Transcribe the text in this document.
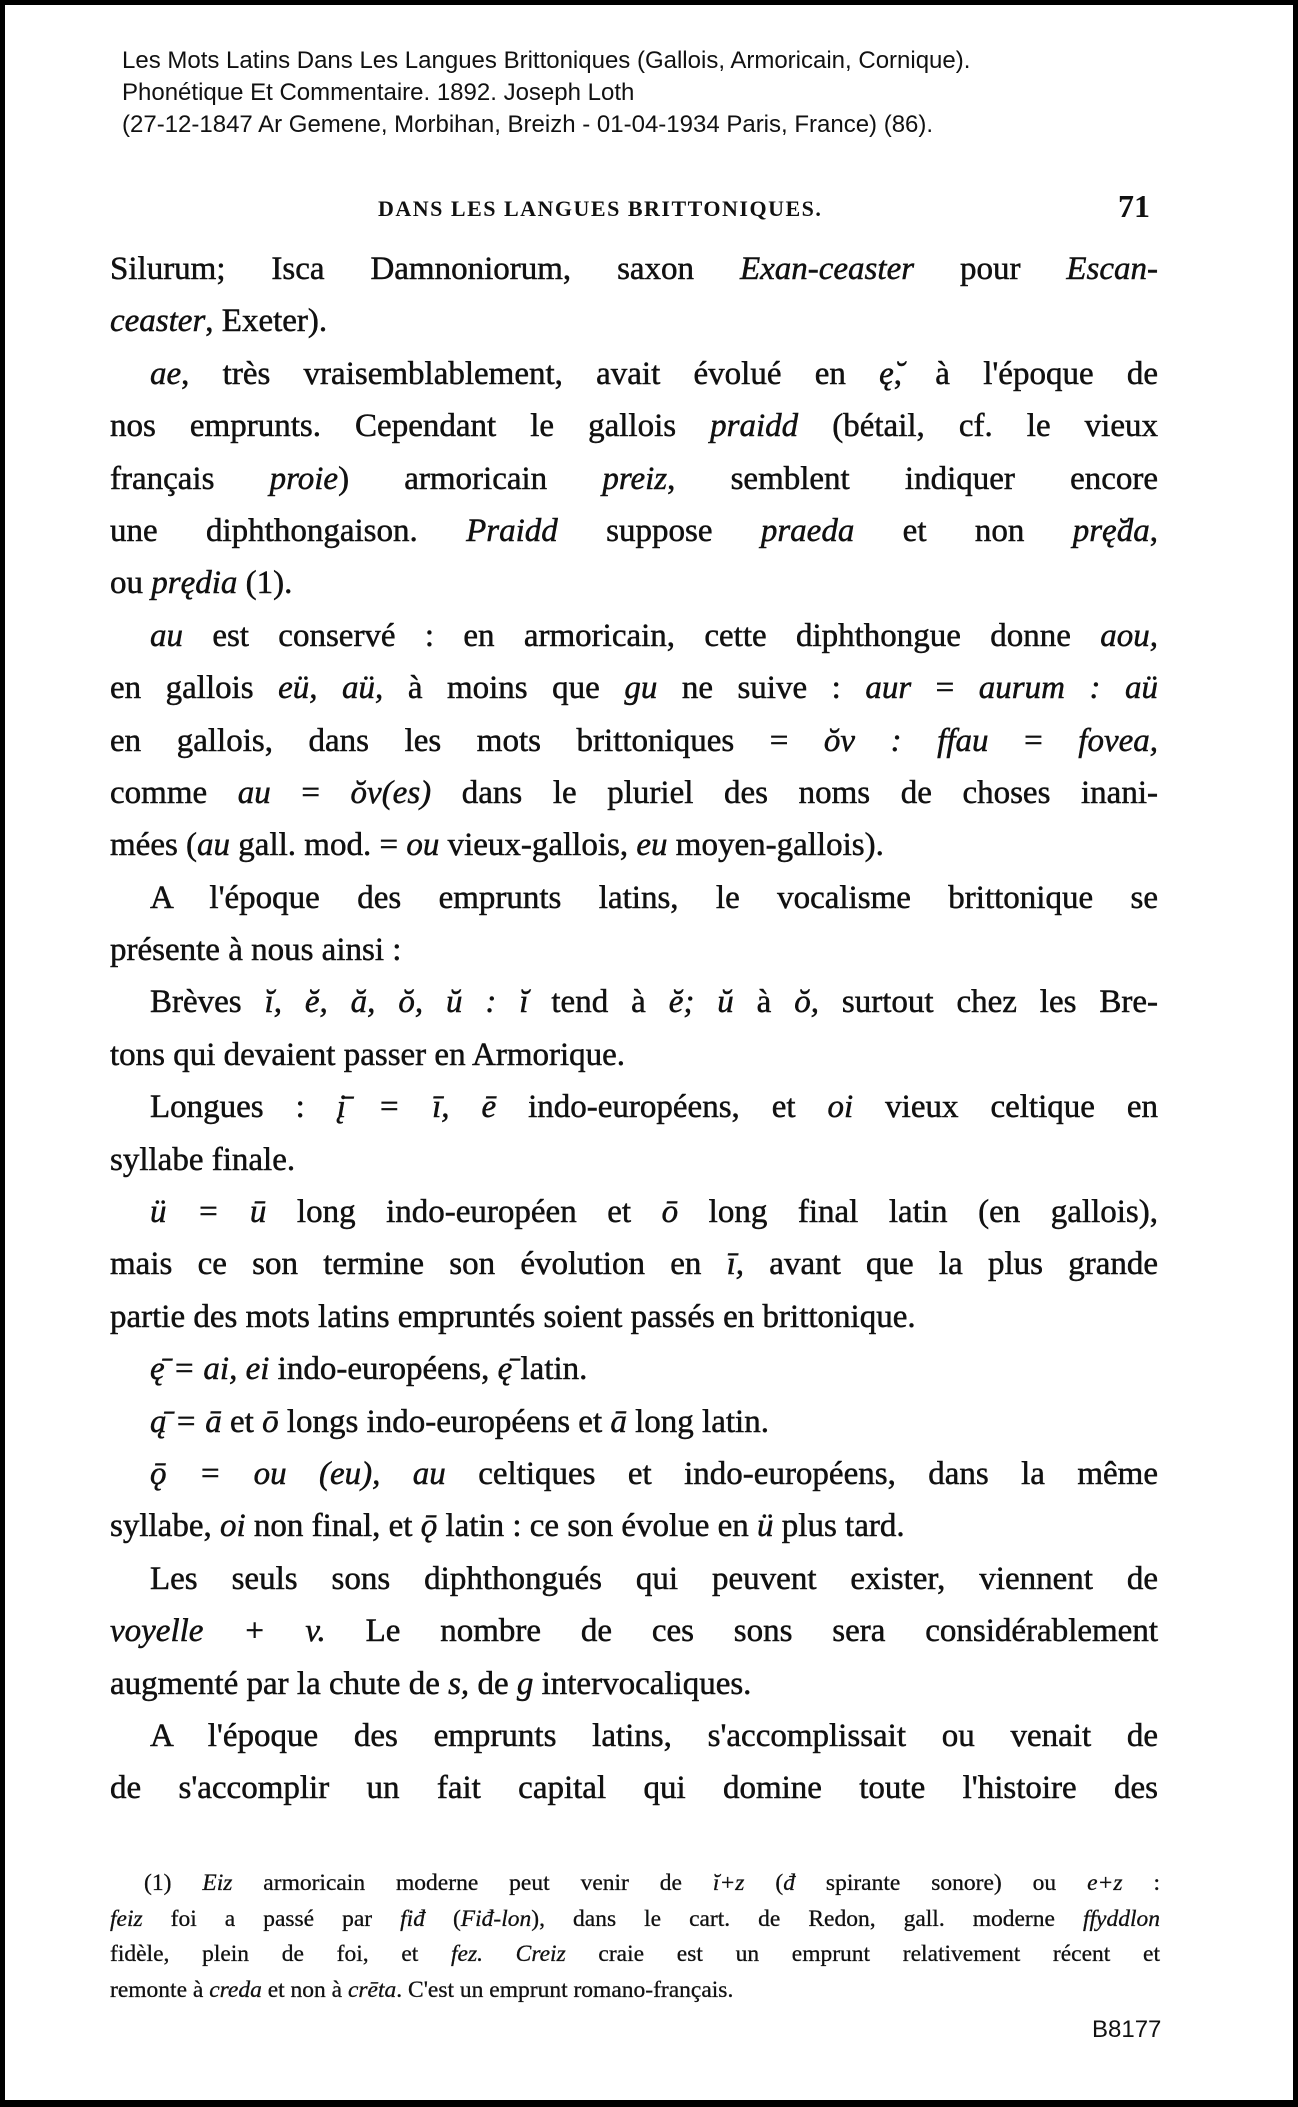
Les Mots Latins Dans Les Langues Brittoniques (Gallois, Armoricain, Cornique).
Phonétique Et Commentaire. 1892. Joseph Loth
(27-12-1847 Ar Gemene, Morbihan, Breizh - 01-04-1934 Paris, France) (86).
DANS LES LANGUES BRITTONIQUES.	71
Silurum; Isca Damnoniorum, saxon Exan-ceaster pour Escan-
ceaster, Exeter).
ae, très vraisemblablement, avait évolué en ę̆, à l'époque de
nos emprunts. Cependant le gallois praidd (bétail, cf. le vieux
français proie) armoricain preiz, semblent indiquer encore
une diphthongaison. Praidd suppose praeda et non prę̆da,
ou prędia (1).
au est conservé : en armoricain, cette diphthongue donne aou,
en gallois eü, aü, à moins que gu ne suive : aur = aurum : aü
en gallois, dans les mots brittoniques = ŏv : ffau = fovea,
comme au = ŏv(es) dans le pluriel des noms de choses inani-
mées (au gall. mod. = ou vieux-gallois, eu moyen-gallois).
A l'époque des emprunts latins, le vocalisme brittonique se
présente à nous ainsi :
Brèves ĭ, ĕ, ă, ŏ, ŭ : ĭ tend à ĕ; ŭ à ŏ, surtout chez les Bre-
tons qui devaient passer en Armorique.
Longues : į̄ = ī, ē indo-européens, et oi vieux celtique en
syllabe finale.
ü = ū long indo-européen et ō long final latin (en gallois),
mais ce son termine son évolution en ī, avant que la plus grande
partie des mots latins empruntés soient passés en brittonique.
ę̄ = ai, ei indo-européens, ę̄ latin.
ą̄ = ā et ō longs indo-européens et ā long latin.
ǭ = ou (eu), au celtiques et indo-européens, dans la même
syllabe, oi non final, et ǭ latin : ce son évolue en ü plus tard.
Les seuls sons diphthongués qui peuvent exister, viennent de
voyelle + v. Le nombre de ces sons sera considérablement
augmenté par la chute de s, de g intervocaliques.
A l'époque des emprunts latins, s'accomplissait ou venait de
de s'accomplir un fait capital qui domine toute l'histoire des
(1) Eiz armoricain moderne peut venir de ĭ+z (đ spirante sonore) ou e+z :
feiz foi a passé par fiđ (Fiđ-lon), dans le cart. de Redon, gall. moderne ffyddlon
fidèle, plein de foi, et fez. Creiz craie est un emprunt relativement récent et
remonte à creda et non à crēta. C'est un emprunt romano-français.
B8177
